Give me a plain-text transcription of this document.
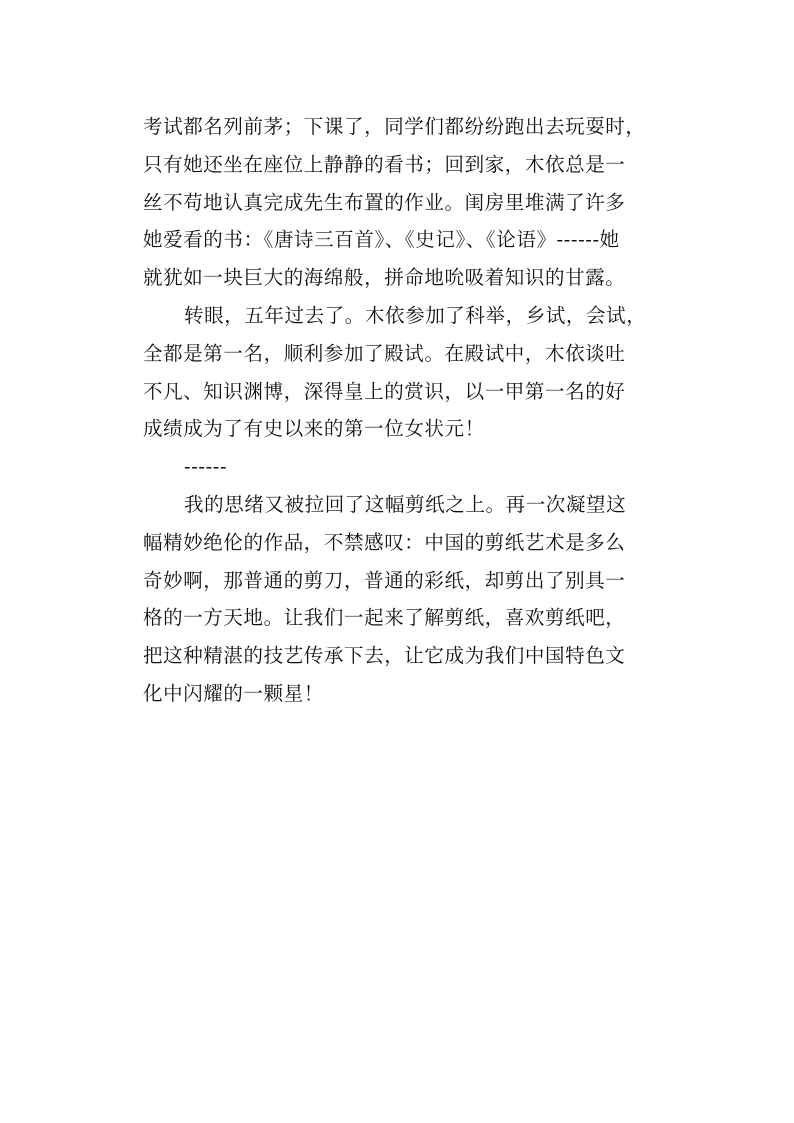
考试都名列前茅；下课了，同学们都纷纷跑出去玩耍时，
只有她还坐在座位上静静的看书；回到家，木依总是一
丝不苟地认真完成先生布置的作业。闺房里堆满了许多
她爱看的书：《唐诗三百首》、《史记》、《论语》------她
就犹如一块巨大的海绵般，拼命地吮吸着知识的甘露。
转眼，五年过去了。木依参加了科举，乡试，会试，
全都是第一名，顺利参加了殿试。在殿试中，木依谈吐
不凡、知识渊博，深得皇上的赏识，以一甲第一名的好
成绩成为了有史以来的第一位女状元！
------
我的思绪又被拉回了这幅剪纸之上。再一次凝望这
幅精妙绝伦的作品，不禁感叹：中国的剪纸艺术是多么
奇妙啊，那普通的剪刀，普通的彩纸，却剪出了别具一
格的一方天地。让我们一起来了解剪纸，喜欢剪纸吧，
把这种精湛的技艺传承下去，让它成为我们中国特色文
化中闪耀的一颗星！
